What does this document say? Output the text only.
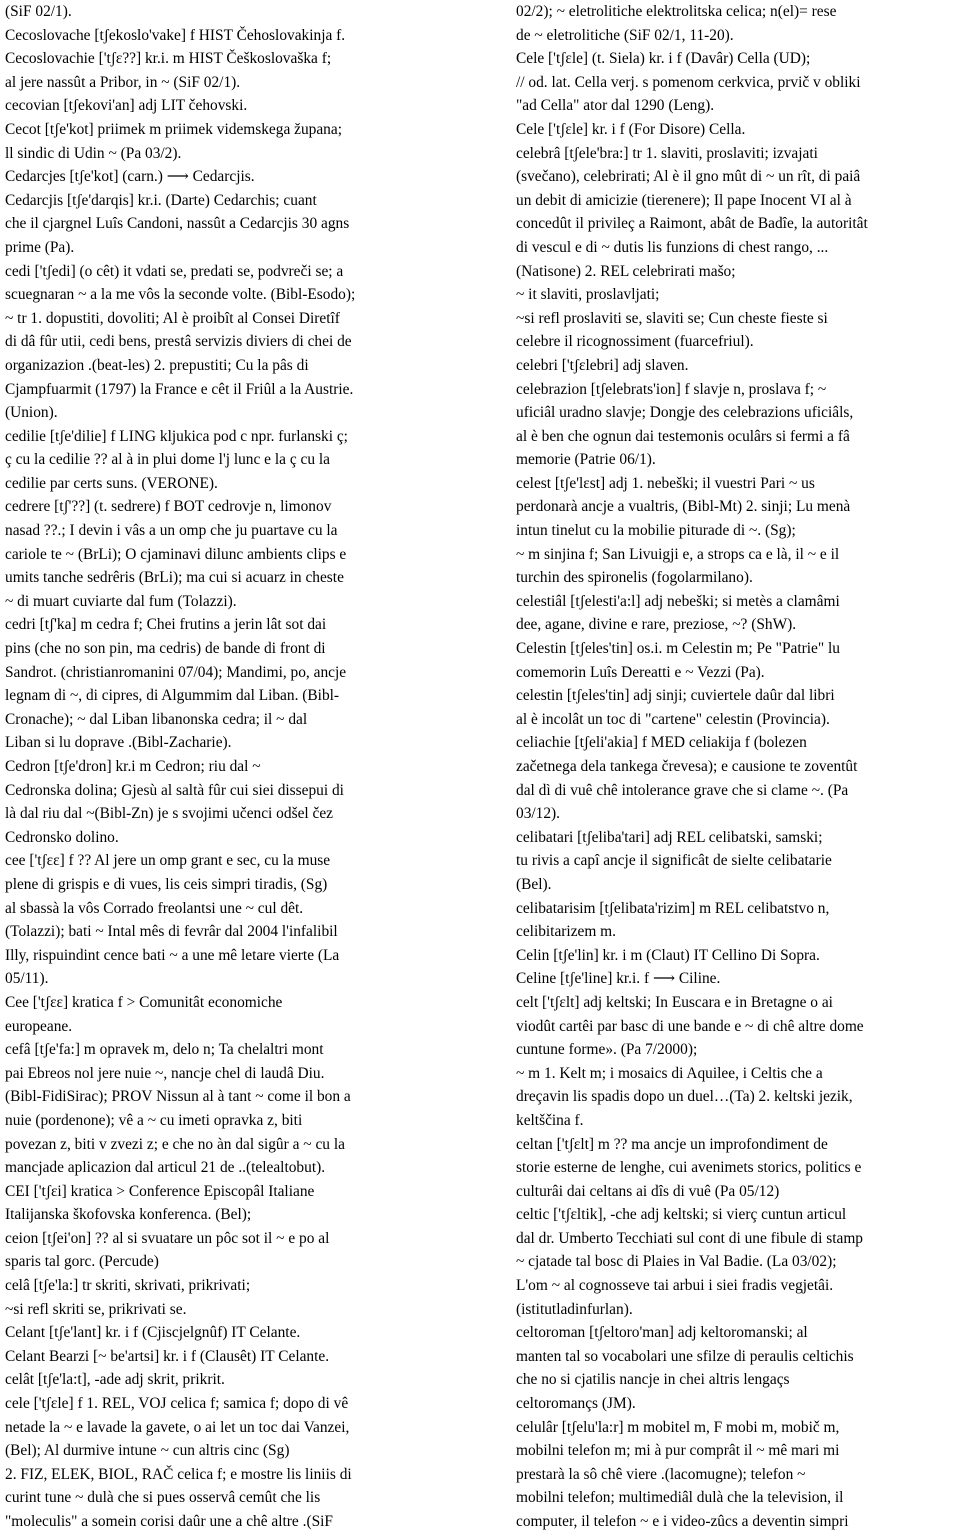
(SiF 02/1).
Cecoslovache [tʃekoslo'vake] f HIST Čehoslovakinja f.
Cecoslovachie ['tʃɛ??] kr.i. m HIST Češkoslovaška f;
al jere nassût a Pribor, in ~ (SiF 02/1).
cecovian [tʃekovi'an] adj LIT čehovski.
Cecot [tʃe'kot] priimek m priimek videmskega župana;
ll sindic di Udin ~ (Pa 03/2).
Cedarcjes [tʃe'kot] (carn.) ⟶ Cedarcjis.
Cedarcjis [tʃe'darqis] kr.i. (Darte) Cedarchis; cuant
che il cjargnel Luîs Candoni, nassût a Cedarcjis 30 agns
prime (Pa).
cedi ['tʃedi] (o cêt) it vdati se, predati se, podvreči se; a
scuegnaran ~ a la me vôs la seconde volte. (Bibl-Esodo);
~ tr 1. dopustiti, dovoliti; Al è proibît al Consei Diretîf
di dâ fûr utii, cedi bens, prestâ servizis diviers di chei de
organizazion .(beat-les) 2. prepustiti; Cu la pâs di
Cjampfuarmit (1797) la France e cêt il Friûl a la Austrie.
(Union).
cedilie [tʃe'dilie] f LING kljukica pod c npr. furlanski ç;
ç cu la cedilie ?? al à in plui dome l'j lunc e la ç cu la
cedilie par certs suns. (VERONE).
cedrere [tʃ'??] (t. sedrere) f BOT cedrovje n, limonov
nasad ??.; I devin i vâs a un omp che ju puartave cu la
cariole te ~ (BrLi); O cjaminavi dilunc ambients clips e
umits tanche sedrêris (BrLi); ma cui si acuarz in cheste
~ di muart cuviarte dal fum (Tolazzi).
cedri [tʃ'ka] m cedra f; Chei frutins a jerin lât sot dai
pins (che no son pin, ma cedris) de bande di front di
Sandrot. (christianromanini 07/04); Mandimi, po, ancje
legnam di ~, di cipres, di Algummim dal Liban. (Bibl-
Cronache); ~ dal Liban libanonska cedra; il ~ dal
Liban si lu doprave .(Bibl-Zacharie).
Cedron [tʃe'dron] kr.i m Cedron; riu dal ~
Cedronska dolina; Gjesù al saltà fûr cui siei dissepui di
là dal riu dal ~(Bibl-Zn) je s svojimi učenci odšel čez
Cedronsko dolino.
cee ['tʃɛɛ] f ?? Al jere un omp grant e sec, cu la muse
plene di grispis e di vues, lis ceis simpri tiradis, (Sg)
al sbassà la vôs Corrado freolantsi une ~ cul dêt.
(Tolazzi); bati ~ Intal mês di fevrâr dal 2004 l'infalibil
Illy, rispuindint cence bati ~ a une mê letare vierte (La
05/11).
Cee ['tʃɛɛ] kratica f > Comunitât economiche
europeane.
cefâ [tʃe'fa:] m opravek m, delo n; Ta chelaltri mont
pai Ebreos nol jere nuie ~, nancje chel di laudâ Diu.
(Bibl-FidiSirac); PROV Nissun al à tant ~ come il bon a
nuie (pordenone); vê a ~ cu imeti opravka z, biti
povezan z, biti v zvezi z; e che no àn dal sigûr a ~ cu la
mancjade aplicazion dal articul 21 de ..(telealtobut).
CEI ['tʃɛi] kratica > Conference Episcopâl Italiane
Italijanska škofovska konferenca. (Bel);
ceion [tʃei'on] ?? al si svuatare un pôc sot il ~ e po al
sparis tal gorc. (Percude)
celâ [tʃe'la:] tr skriti, skrivati, prikrivati;
~si refl skriti se, prikrivati se.
Celant [tʃe'lant] kr. i f (Cjiscjelgnûf) IT Celante.
Celant Bearzi [~ be'artsi] kr. i f (Clausêt) IT Celante.
celât [tʃe'la:t], -ade adj skrit, prikrit.
cele ['tʃɛle] f 1. REL, VOJ celica f; samica f; dopo di vê
netade la ~ e lavade la gavete, o ai let un toc dai Vanzei,
(Bel); Al durmive intune ~ cun altris cinc (Sg)
2. FIZ, ELEK, BIOL, RAČ celica f; e mostre lis liniis di
curint tune ~ dulà che si pues osservâ cemût che lis
"moleculis" a somein corisi daûr une a chê altre .(SiF
02/2); ~ eletrolitiche elektrolitska celica; n(el)= rese
de ~ eletrolitiche (SiF 02/1, 11-20).
Cele ['tʃɛle] (t. Siela) kr. i f (Davâr) Cella (UD);
// od. lat. Cella verj. s pomenom cerkvica, prvič v obliki
"ad Cella" ator dal 1290 (Leng).
Cele ['tʃɛle] kr. i f (For Disore) Cella.
celebrâ [tʃele'bra:] tr 1. slaviti, proslaviti; izvajati
(svečano), celebrirati; Al è il gno mût di ~ un rît, di paiâ
un debit di amicizie (tierenere); Il pape Inocent VI al à
concedût il privileç a Raimont, abât de Badîe, la autoritât
di vescul e di ~ dutis lis funzions di chest rango, ...
(Natisone) 2. REL celebrirati mašo;
~ it slaviti, proslavljati;
~si refl proslaviti se, slaviti se; Cun cheste fieste si
celebre il ricognossiment (fuarcefriul).
celebri ['tʃɛlebri] adj slaven.
celebrazion [tʃelebrats'ion] f slavje n, proslava f; ~
uficiâl uradno slavje; Dongje des celebrazions uficiâls,
al è ben che ognun dai testemonis oculârs si fermi a fâ
memorie (Patrie 06/1).
celest [tʃe'lɛst] adj 1. nebeški; il vuestri Pari ~ us
perdonarà ancje a vualtris, (Bibl-Mt) 2. sinji; Lu menà
intun tinelut cu la mobilie piturade di ~. (Sg);
~ m sinjina f; San Livuigji e, a strops ca e là, il ~ e il
turchin des spironelis (fogolarmilano).
celestiâl [tʃelesti'a:l] adj nebeški; si metès a clamâmi
dee, agane, divine e rare, preziose, ~? (ShW).
Celestin [tʃeles'tin] os.i. m Celestin m; Pe "Patrie" lu
comemorin Luîs Dereatti e ~ Vezzi (Pa).
celestin [tʃeles'tin] adj sinji; cuviertele daûr dal libri
al è incolât un toc di "cartene" celestin (Provincia).
celiachie [tʃeli'akia] f MED celiakija f (bolezen
začetnega dela tankega črevesa); e causione te zoventût
dal dì di vuê chê intolerance grave che si clame ~. (Pa
03/12).
celibatari [tʃeliba'tari] adj REL celibatski, samski;
tu rivis a capî ancje il significât de sielte celibatarie
(Bel).
celibatarisim [tʃelibata'rizim] m REL celibatstvo n,
celibitarizem m.
Celin [tʃe'lin] kr. i m (Claut) IT Cellino Di Sopra.
Celine [tʃe'line] kr.i. f ⟶ Ciline.
celt ['tʃɛlt] adj keltski; In Euscara e in Bretagne o ai
viodût cartêi par basc di une bande e ~ di chê altre dome
cuntune forme». (Pa 7/2000);
~ m 1. Kelt m; i mosaics di Aquilee, i Celtis che a
dreçavin lis spadis dopo un duel…(Ta) 2. keltski jezik,
keltščina f.
celtan ['tʃɛlt] m ?? ma ancje un improfondiment de
storie esterne de lenghe, cui avenimets storics, politics e
culturâi dai celtans ai dîs di vuê (Pa 05/12)
celtic ['tʃɛltik], -che adj keltski; si vierç cuntun articul
dal dr. Umberto Tecchiati sul cont di une fibule di stamp
~ cjatade tal bosc di Plaies in Val Badie. (La 03/02);
L'om ~ al cognosseve tai arbui i siei fradis vegjetâi.
(istitutladinfurlan).
celtoroman [tʃeltoro'man] adj keltoromanski; al
manten tal so vocabolari une sfilze di peraulis celtichis
che no si cjatilis nancje in chei altris lengaçs
celtoromançs (JM).
celulâr [tʃelu'la:r] m mobitel m, F mobi m, mobič m,
mobilni telefon m; mi à pur comprât il ~ mê mari mi
prestarà la sô chê viere .(lacomugne); telefon ~
mobilni telefon; multimediâl dulà che la television, il
computer, il telefon ~ e i video-zûcs a deventin simpri
